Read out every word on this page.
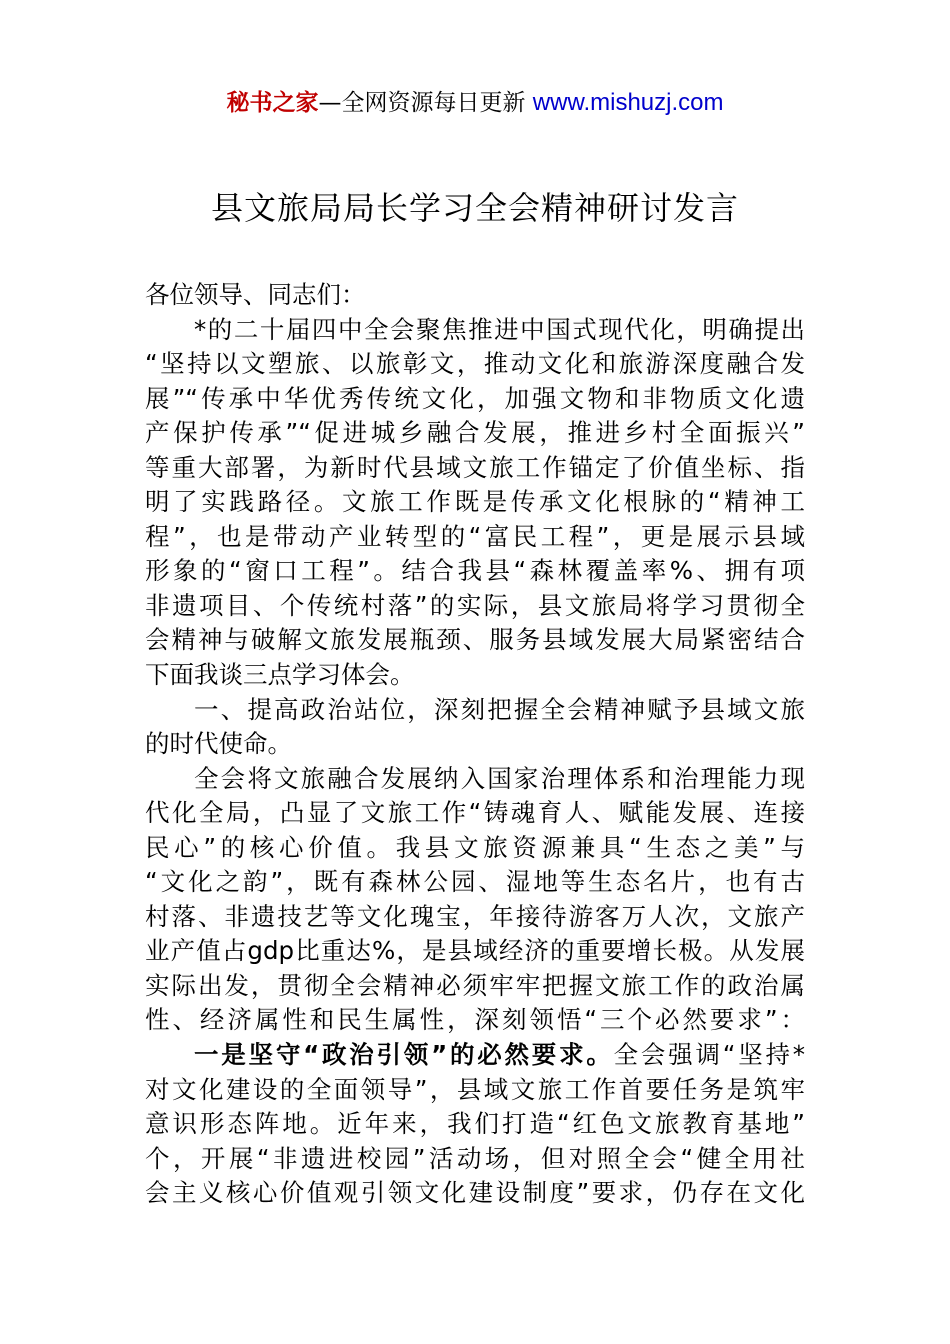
秘书之家—全网资源每日更新 www.mishuzj.com
县文旅局局长学习全会精神研讨发言
各位领导、同志们：
*的二十届四中全会聚焦推进中国式现代化，明确提出
“坚持以文塑旅、以旅彰文，推动文化和旅游深度融合发
展”“传承中华优秀传统文化，加强文物和非物质文化遗
产保护传承”“促进城乡融合发展，推进乡村全面振兴”
等重大部署，为新时代县域文旅工作锚定了价值坐标、指
明了实践路径。文旅工作既是传承文化根脉的“精神工
程”，也是带动产业转型的“富民工程”，更是展示县域
形象的“窗口工程”。结合我县“森林覆盖率%、拥有项
非遗项目、个传统村落”的实际，县文旅局将学习贯彻全
会精神与破解文旅发展瓶颈、服务县域发展大局紧密结合
下面我谈三点学习体会。
一、提高政治站位，深刻把握全会精神赋予县域文旅
的时代使命。
全会将文旅融合发展纳入国家治理体系和治理能力现
代化全局，凸显了文旅工作“铸魂育人、赋能发展、连接
民心”的核心价值。我县文旅资源兼具“生态之美”与
“文化之韵”，既有森林公园、湿地等生态名片，也有古
村落、非遗技艺等文化瑰宝，年接待游客万人次，文旅产
业产值占gdp比重达%，是县域经济的重要增长极。从发展
实际出发，贯彻全会精神必须牢牢把握文旅工作的政治属
性、经济属性和民生属性，深刻领悟“三个必然要求”：
一是坚守“政治引领”的必然要求。全会强调“坚持*
对文化建设的全面领导”，县域文旅工作首要任务是筑牢
意识形态阵地。近年来，我们打造“红色文旅教育基地”
个，开展“非遗进校园”活动场，但对照全会“健全用社
会主义核心价值观引领文化建设制度”要求，仍存在文化
